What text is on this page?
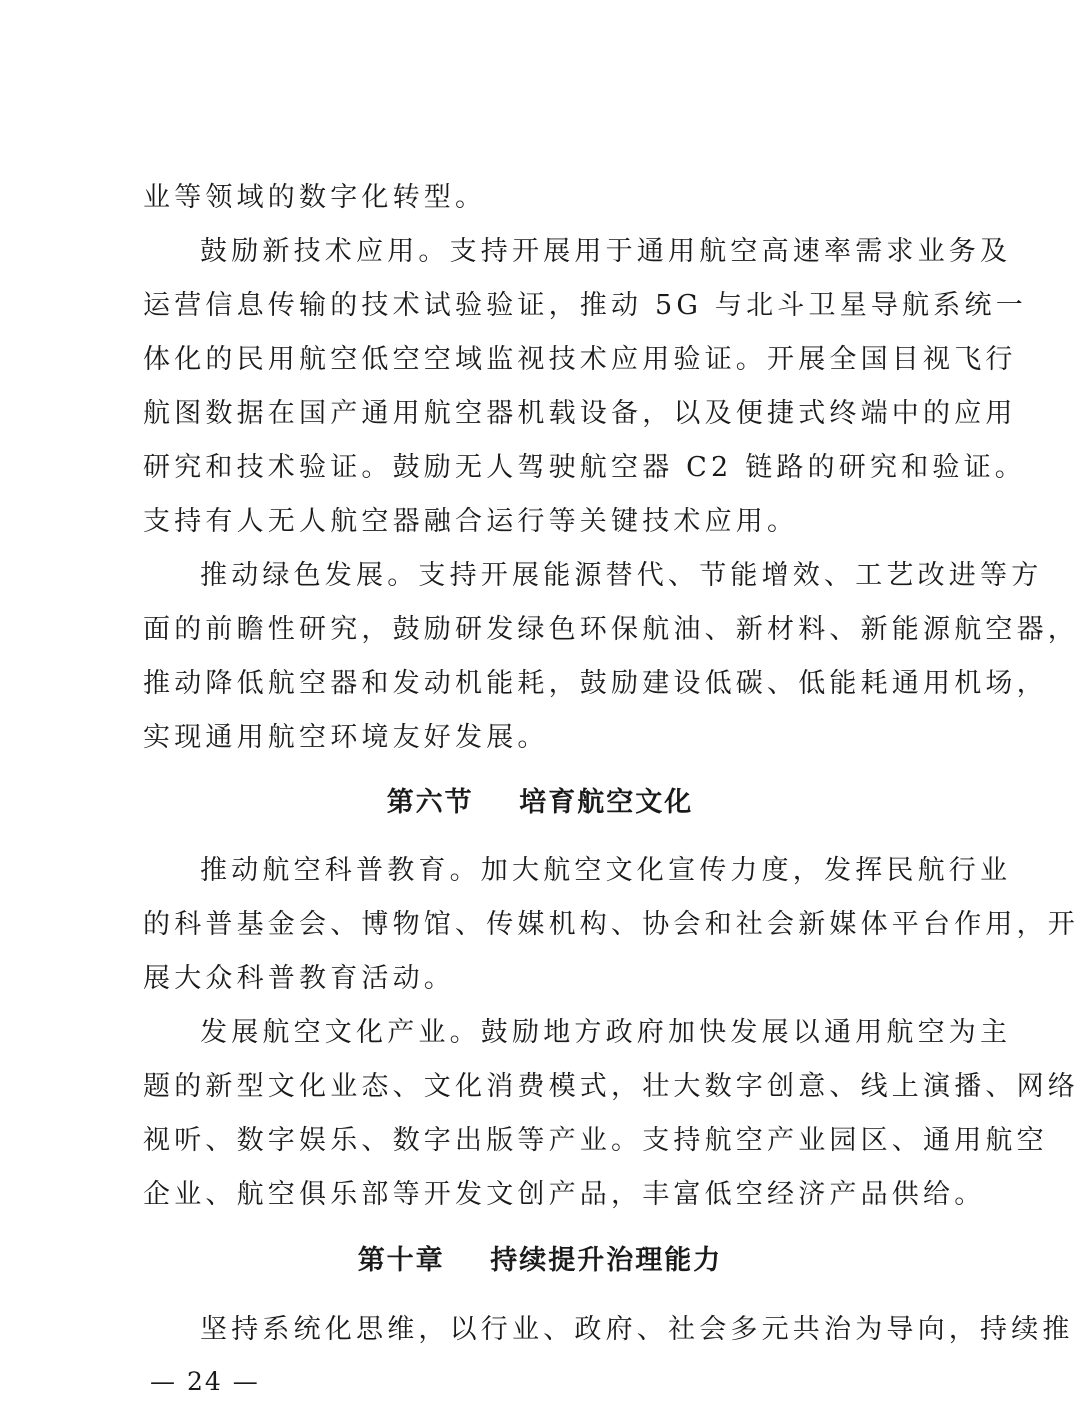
业等领域的数字化转型。
鼓励新技术应用。支持开展用于通用航空高速率需求业务及
运营信息传输的技术试验验证，推动 5G 与北斗卫星导航系统一
体化的民用航空低空空域监视技术应用验证。开展全国目视飞行
航图数据在国产通用航空器机载设备，以及便捷式终端中的应用
研究和技术验证。鼓励无人驾驶航空器 C2 链路的研究和验证。
支持有人无人航空器融合运行等关键技术应用。
推动绿色发展。支持开展能源替代、节能增效、工艺改进等方
面的前瞻性研究，鼓励研发绿色环保航油、新材料、新能源航空器，
推动降低航空器和发动机能耗，鼓励建设低碳、低能耗通用机场，
实现通用航空环境友好发展。
第六节    培育航空文化
推动航空科普教育。加大航空文化宣传力度，发挥民航行业
的科普基金会、博物馆、传媒机构、协会和社会新媒体平台作用，开
展大众科普教育活动。
发展航空文化产业。鼓励地方政府加快发展以通用航空为主
题的新型文化业态、文化消费模式，壮大数字创意、线上演播、网络
视听、数字娱乐、数字出版等产业。支持航空产业园区、通用航空
企业、航空俱乐部等开发文创产品，丰富低空经济产品供给。
第十章    持续提升治理能力
坚持系统化思维，以行业、政府、社会多元共治为导向，持续推
— 24 —
